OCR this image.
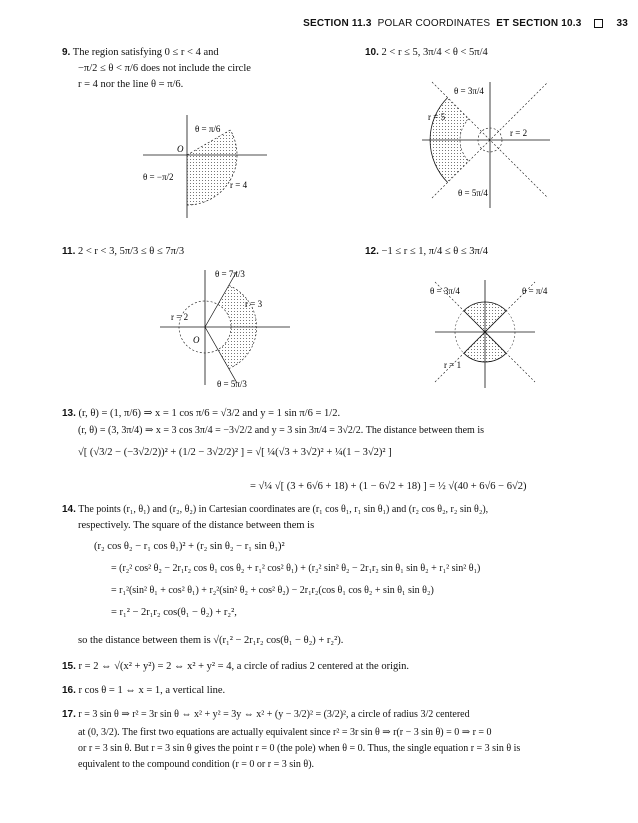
SECTION 11.3 POLAR COORDINATES ET SECTION 10.3	33
9. The region satisfying 0 ≤ r < 4 and
−π/2 ≤ θ < π/6 does not include the circle
r = 4 nor the line θ = π/6.
θ = π/6
θ = −π/2
O
r = 4
10. 2 < r ≤ 5, 3π/4 < θ < 5π/4
θ = 3π/4
θ = 5π/4
r = 5
r = 2
11. 2 < r < 3, 5π/3 ≤ θ ≤ 7π/3
θ = 7π/3
θ = 5π/3
r = 3
r = 2
O
12. −1 ≤ r ≤ 1, π/4 ≤ θ ≤ 3π/4
θ = 3π/4	θ = π/4
r = 1
13. (r, θ) = (1, π/6) ⇒ x = 1 cos π/6 = √3/2 and y = 1 sin π/6 = 1/2.
(r, θ) = (3, 3π/4) ⇒ x = 3 cos 3π/4 = −3√2/2 and y = 3 sin 3π/4 = 3√2/2. The distance between them is
√[ (√3/2 − (−3√2/2))² + (1/2 − 3√2/2)² ] = √[ ¼(√3 + 3√2)² + ¼(1 − 3√2)² ]
= √¼ √[ (3 + 6√6 + 18) + (1 − 6√2 + 18) ] = ½ √(40 + 6√6 − 6√2)
14. The points (r₁, θ₁) and (r₂, θ₂) in Cartesian coordinates are (r₁ cos θ₁, r₁ sin θ₁) and (r₂ cos θ₂, r₂ sin θ₂),
respectively. The square of the distance between them is
(r₂ cos θ₂ − r₁ cos θ₁)² + (r₂ sin θ₂ − r₁ sin θ₁)²
= (r₂² cos² θ₂ − 2r₁r₂ cos θ₁ cos θ₂ + r₁² cos² θ₁) + (r₂² sin² θ₂ − 2r₁r₂ sin θ₁ sin θ₂ + r₁² sin² θ₁)
= r₁²(sin² θ₁ + cos² θ₁) + r₂²(sin² θ₂ + cos² θ₂) − 2r₁r₂(cos θ₁ cos θ₂ + sin θ₁ sin θ₂)
= r₁² − 2r₁r₂ cos(θ₁ − θ₂) + r₂²,
so the distance between them is √(r₁² − 2r₁r₂ cos(θ₁ − θ₂) + r₂²).
15. r = 2 ⇔ √(x² + y²) = 2 ⇔ x² + y² = 4, a circle of radius 2 centered at the origin.
16. r cos θ = 1 ⇔ x = 1, a vertical line.
17. r = 3 sin θ ⇒ r² = 3r sin θ ⇔ x² + y² = 3y ⇔ x² + (y − 3/2)² = (3/2)², a circle of radius 3/2 centered
at (0, 3/2). The first two equations are actually equivalent since r² = 3r sin θ ⇒ r(r − 3 sin θ) = 0 ⇒ r = 0
or r = 3 sin θ. But r = 3 sin θ gives the point r = 0 (the pole) when θ = 0. Thus, the single equation r = 3 sin θ is
equivalent to the compound condition (r = 0 or r = 3 sin θ).
